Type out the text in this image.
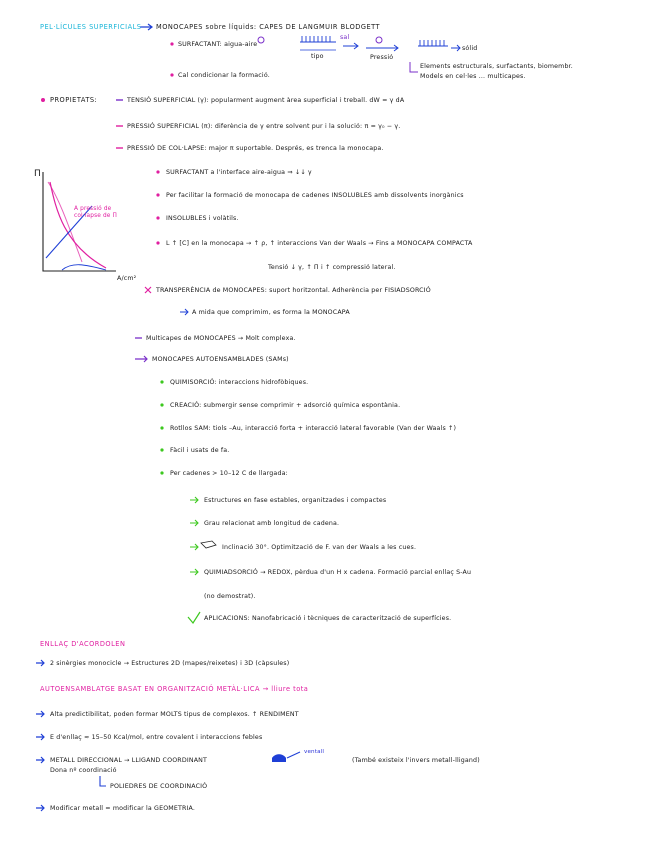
PEL·LÍCULES SUPERFICIALS MONOCAPES sobre líquids: CAPES DE LANGMUIR BLODGETT
SURFACTANT: aigua-aire
sal
tipo	Pressió
sólid
Cal condicionar la formació.
Elements estructurals, surfactants, biomembr.
Models en cel·les ... multicapes.
PROPIETATS:	TENSIÓ SUPERFICIAL (γ): popularment augment àrea superficial i treball. dW = γ dA
PRESSIÓ SUPERFICIAL (π): diferència de γ entre solvent pur i la solució: π = γ₀ − γ.
PRESSIÓ DE COL·LAPSE: major π suportable. Després, es trenca la monocapa.
Π
A pressió de col·lapse de Π
A/cm²
SURFACTANT a l'interface aire-aigua ⇒ ↓↓ γ
Per facilitar la formació de monocapa de cadenes INSOLUBLES amb dissolvents inorgànics
INSOLUBLES i volàtils.
L ↑ [C] en la monocapa → ↑ ρ, ↑ interaccions Van der Waals → Fins a MONOCAPA COMPACTA
Tensió ↓ γ, ↑ Π i ↑ compressió lateral.
TRANSPERÈNCIA de MONOCAPES: suport horitzontal. Adherència per FISIADSORCIÓ
A mida que comprimim, es forma la MONOCAPA
Multicapes de MONOCAPES → Molt complexa.
MONOCAPES AUTOENSAMBLADES (SAMs)
QUIMISORCIÓ: interaccions hidrofòbiques.
CREACIÓ: submergir sense comprimir + adsorció química espontània.
Rotllos SAM: tiols –Au, interacció forta + interacció lateral favorable (Van der Waals ↑)
Fàcil i usats de fa.
Per cadenes > 10–12 C de llargada:
Estructures en fase estables, organitzades i compactes
Grau relacionat amb longitud de cadena.
Inclinació 30°. Optimització de F. van der Waals a les cues.
QUIMIADSORCIÓ → REDOX, pèrdua d'un H x cadena. Formació parcial enllaç S-Au
(no demostrat).
APLICACIONS: Nanofabricació i tècniques de caracterització de superfícies.
ENLLAÇ D'ACORDOLEN
2 sinèrgies monocicle → Estructures 2D (mapes/reixetes) i 3D (càpsules)
AUTOENSAMBLATGE BASAT EN ORGANITZACIÓ METÀL·LICA → lliure tota
Alta predictibilitat, poden formar MOLTS tipus de complexos. ↑ RENDIMENT
E d'enllaç ≈ 15–50 Kcal/mol, entre covalent i interaccions febles
METALL DIRECCIONAL → LLIGAND COORDINANT
ventall
(També existeix l'invers metall-lligand)
Dona nº coordinació
POLIEDRES DE COORDINACIÓ
Modificar metall = modificar la GEOMETRIA.
